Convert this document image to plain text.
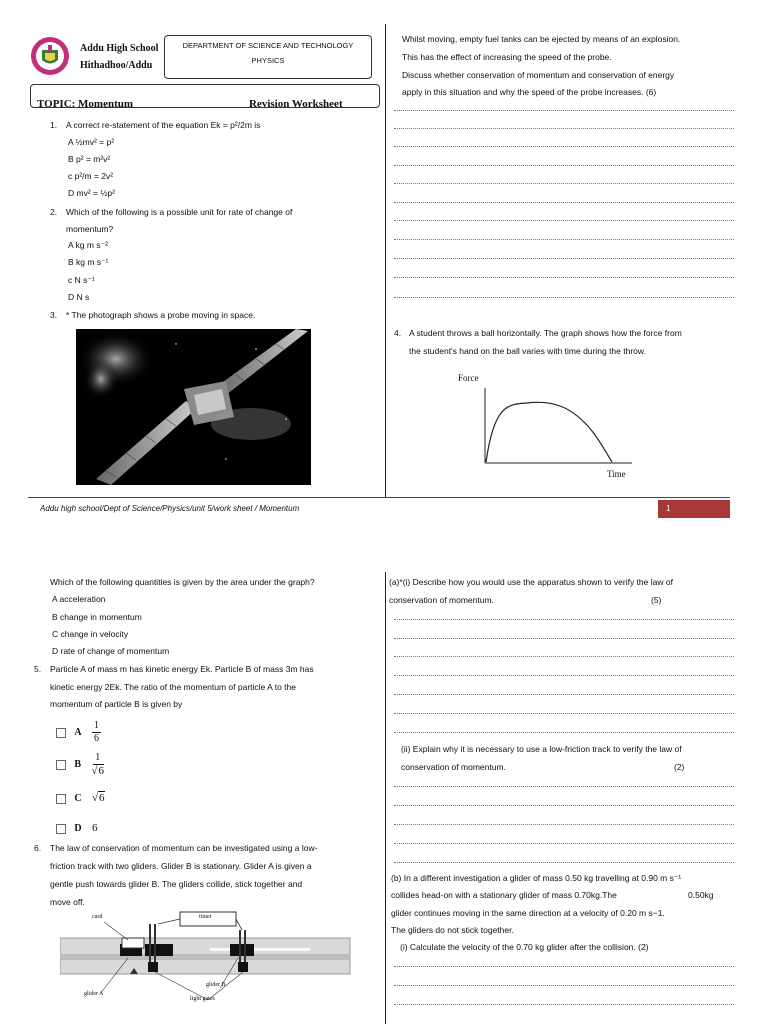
Addu High School
Hithadhoo/Addu
DEPARTMENT OF SCIENCE AND TECHNOLOGY
PHYSICS
TOPIC: Momentum	Revision Worksheet
1. A correct re-statement of the equation Ek = p²/2m is
A ½mv² = p²
B p² = m²v²
c p²/m = 2v²
D mv² = ½p²
2. Which of the following is a possible unit for rate of change of
momentum?
A kg m s⁻²
B kg m s⁻¹
c N s⁻¹
D N s
3. * The photograph shows a probe moving in space.
Whilst moving, empty fuel tanks can be ejected by means of an explosion.
This has the effect of increasing the speed of the probe.
Discuss whether conservation of momentum and conservation of energy
apply in this situation and why the speed of the probe increases. (6)
4. A student throws a ball horizontally. The graph shows how the force from
the student's hand on the ball varies with time during the throw.
Force
Time
Addu high school/Dept of Science/Physics/unit 5/work sheet / Momentum	1
Which of the following quantities is given by the area under the graph?
A acceleration
B change in momentum
C change in velocity
D rate of change of momentum
5. Particle A of mass m has kinetic energy Ek. Particle B of mass 3m has
kinetic energy 2Ek. The ratio of the momentum of particle A to the
momentum of particle B is given by
A $\frac{1}{6}$
B $\frac{1}{√6}$
C √6
D 6
6. The law of conservation of momentum can be investigated using a low-
friction track with two gliders. Glider B is stationary. Glider A is given a
gentle push towards glider B. The gliders collide, stick together and
move off.
card	timer
glider A
glider B
light gates
(a)*(i) Describe how you would use the apparatus shown to verify the law of
conservation of momentum.	(5)
(ii) Explain why it is necessary to use a low-friction track to verify the law of
conservation of momentum.	(2)
(b) In a different investigation a glider of mass 0.50 kg travelling at 0.90 m s⁻¹
collides head-on with a stationary glider of mass 0.70kg.The	0.50kg
glider continues moving in the same direction at a velocity of 0.20 m s−1.
The gliders do not stick together.
(i) Calculate the velocity of the 0.70 kg glider after the collision. (2)
